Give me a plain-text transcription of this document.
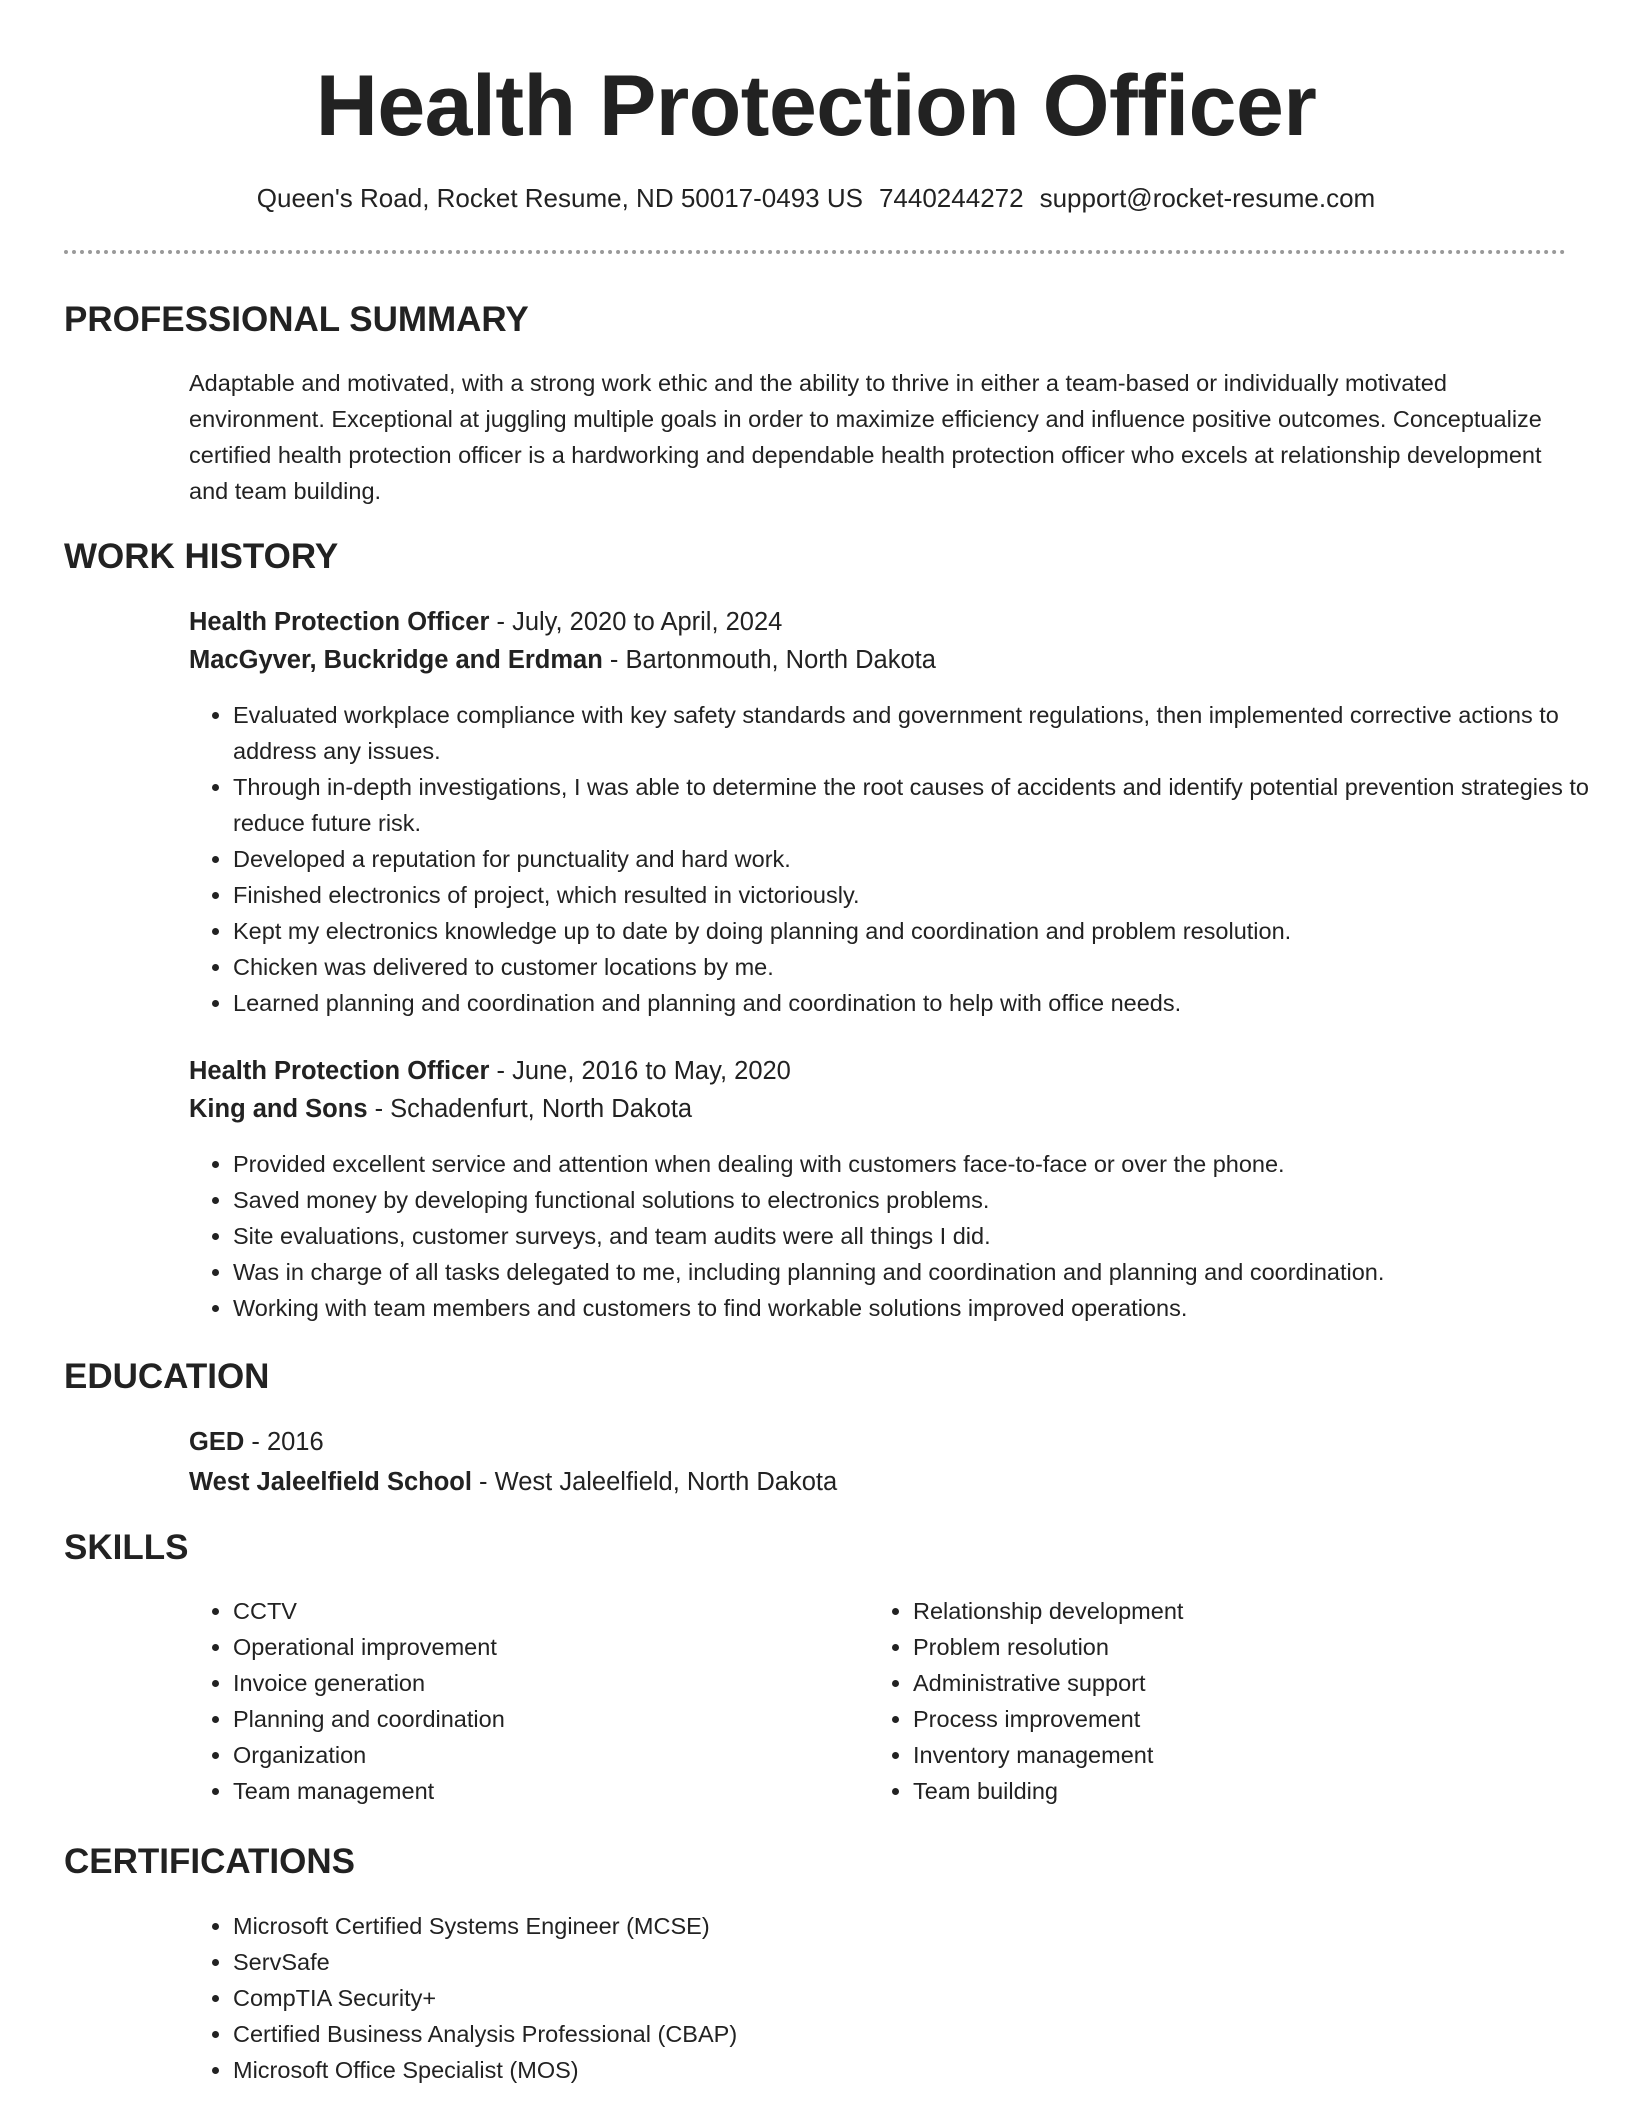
Health Protection Officer
Queen's Road, Rocket Resume, ND 50017-0493 US 7440244272 support@rocket-resume.com
PROFESSIONAL SUMMARY

Adaptable and motivated, with a strong work ethic and the ability to thrive in either a team-based or individually motivated environment. Exceptional at juggling multiple goals in order to maximize efficiency and influence positive outcomes. Conceptualize certified health protection officer is a hardworking and dependable health protection officer who excels at relationship development and team building.

WORK HISTORY
Health Protection Officer - July, 2020 to April, 2024
MacGyver, Buckridge and Erdman - Bartonmouth, North Dakota
• Evaluated workplace compliance with key safety standards and government regulations, then implemented corrective actions to address any issues.
• Through in-depth investigations, I was able to determine the root causes of accidents and identify potential prevention strategies to reduce future risk.
• Developed a reputation for punctuality and hard work.
• Finished electronics of project, which resulted in victoriously.
• Kept my electronics knowledge up to date by doing planning and coordination and problem resolution.
• Chicken was delivered to customer locations by me.
• Learned planning and coordination and planning and coordination to help with office needs.
Health Protection Officer - June, 2016 to May, 2020
King and Sons - Schadenfurt, North Dakota
• Provided excellent service and attention when dealing with customers face-to-face or over the phone.
• Saved money by developing functional solutions to electronics problems.
• Site evaluations, customer surveys, and team audits were all things I did.
• Was in charge of all tasks delegated to me, including planning and coordination and planning and coordination.
• Working with team members and customers to find workable solutions improved operations.
EDUCATION
GED - 2016
West Jaleelfield School - West Jaleelfield, North Dakota
SKILLS
• CCTV
• Operational improvement
• Invoice generation
• Planning and coordination
• Organization
• Team management
• Relationship development
• Problem resolution
• Administrative support
• Process improvement
• Inventory management
• Team building
CERTIFICATIONS
• Microsoft Certified Systems Engineer (MCSE)
• ServSafe
• CompTIA Security+
• Certified Business Analysis Professional (CBAP)
• Microsoft Office Specialist (MOS)
